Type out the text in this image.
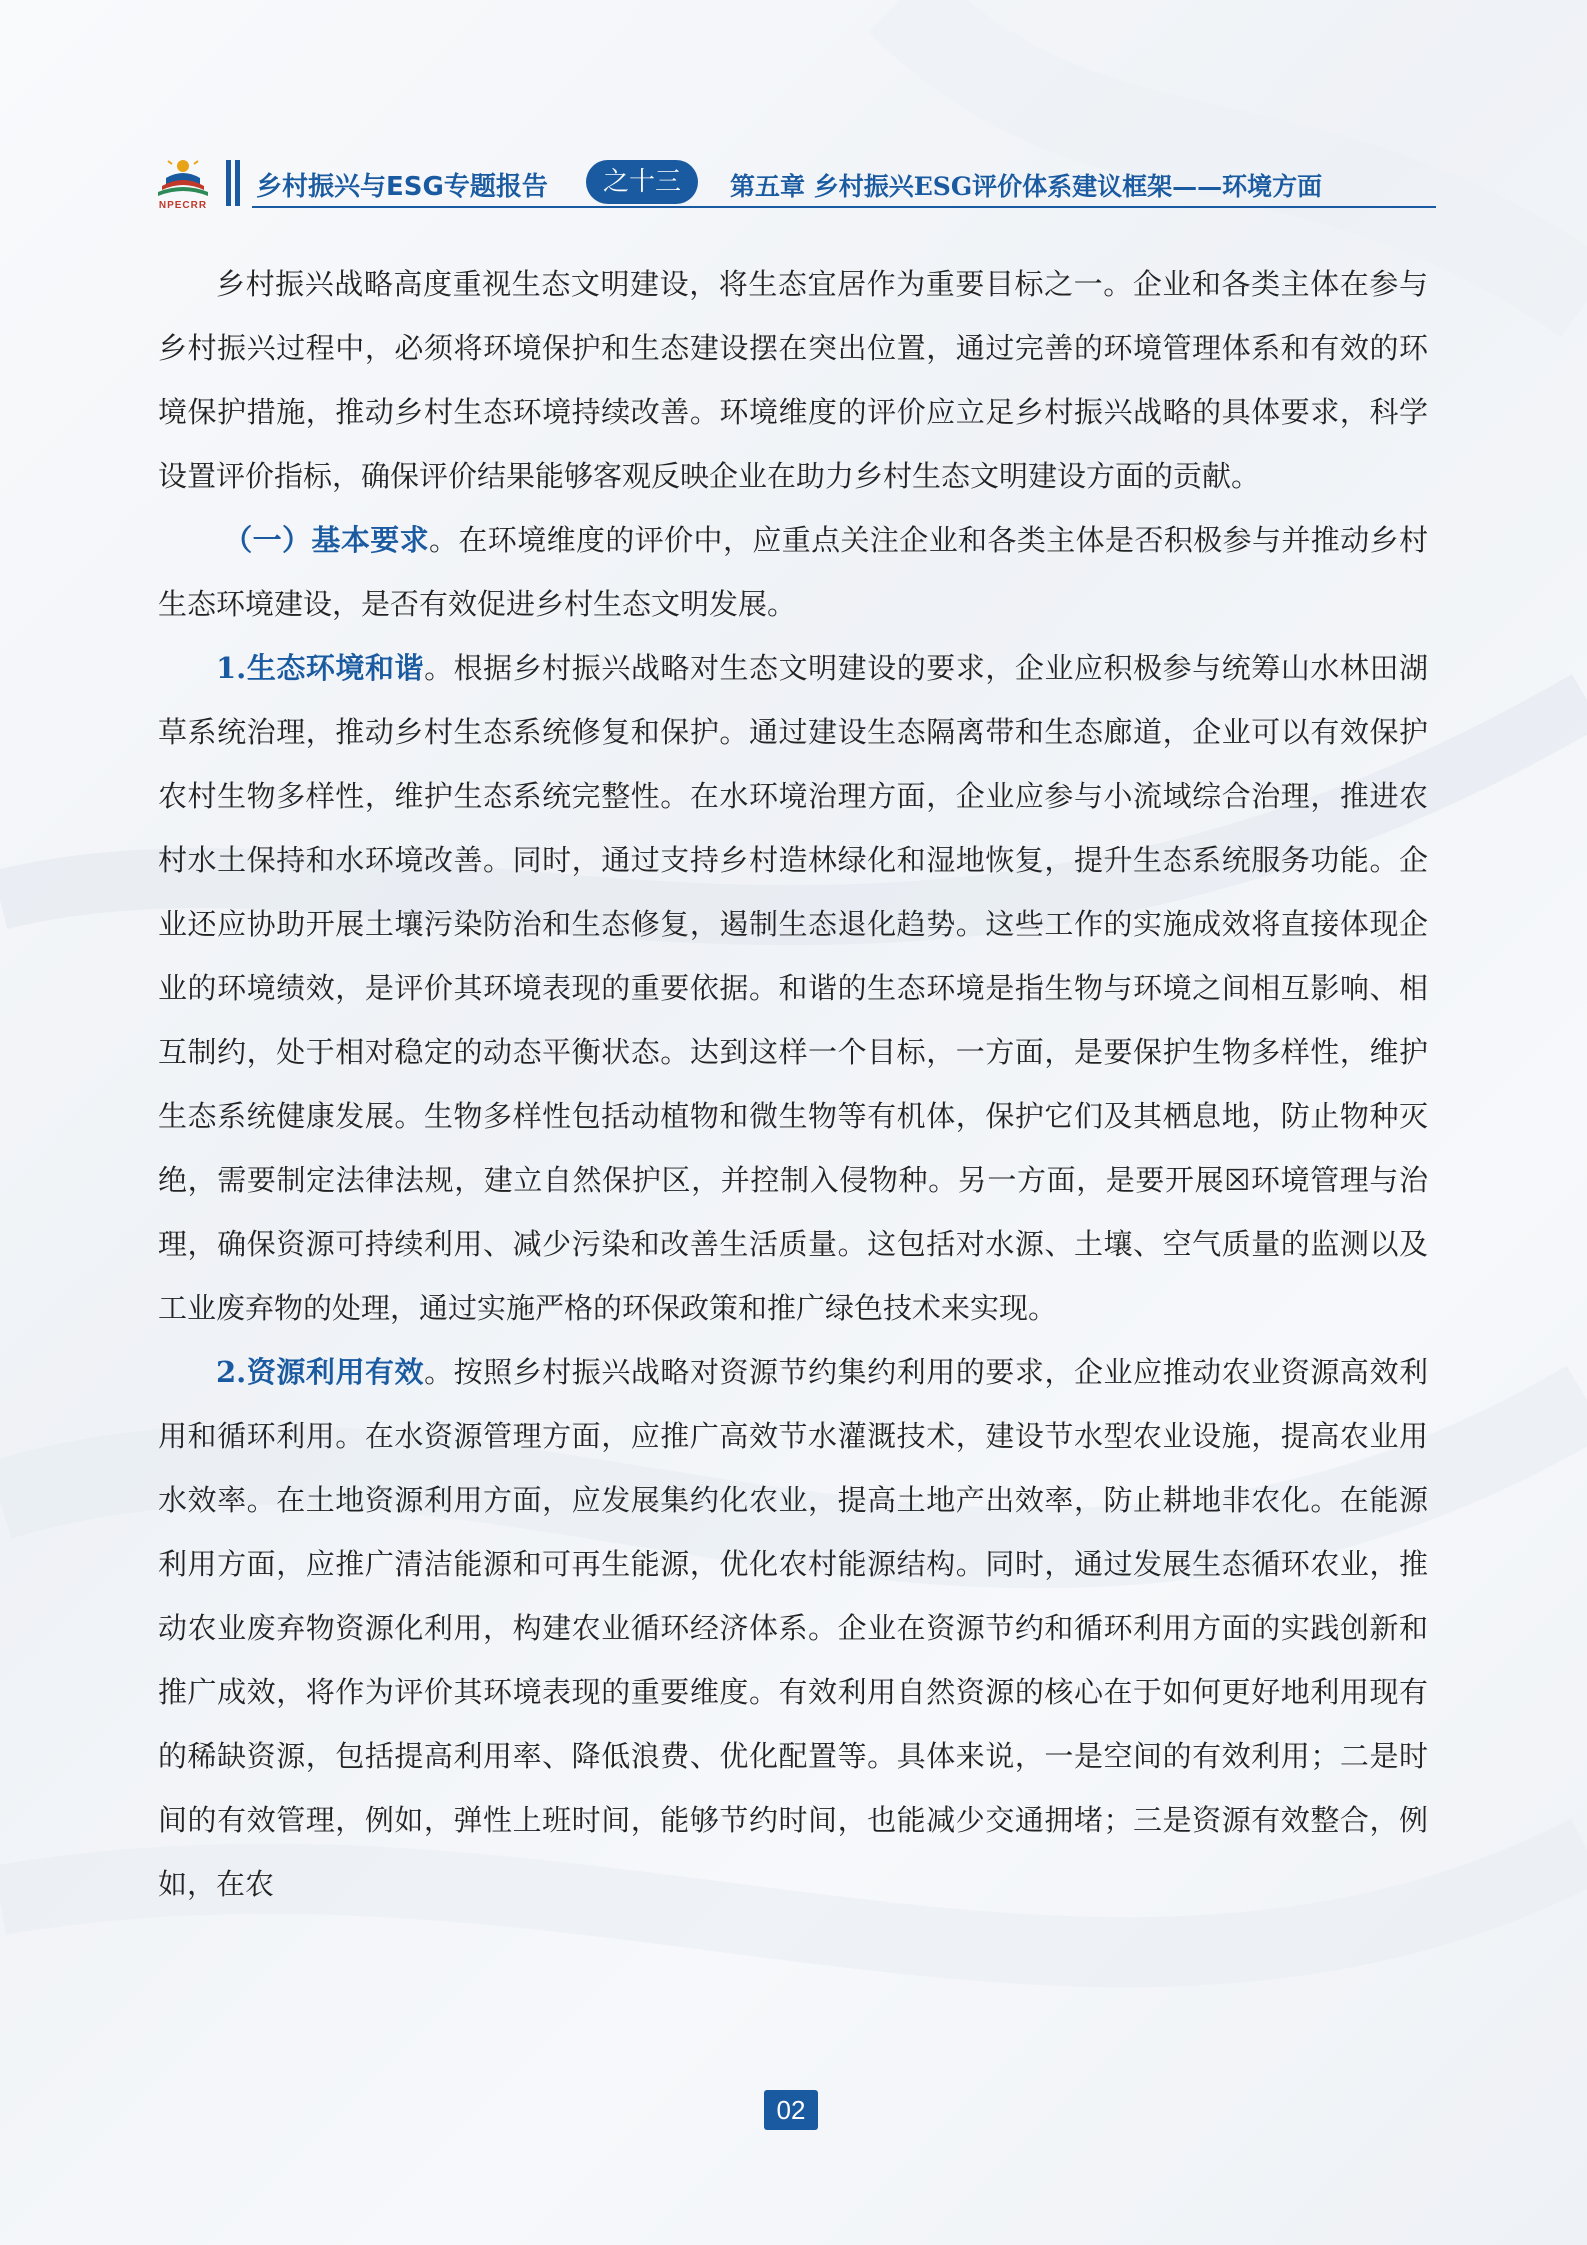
NPECRR
乡村振兴与ESG专题报告	之十三	第五章 乡村振兴ESG评价体系建议框架——环境方面

乡村振兴战略高度重视生态文明建设，将生态宜居作为重要目标之一。企业和各类主体在参与乡村振兴过程中，必须将环境保护和生态建设摆在突出位置，通过完善的环境管理体系和有效的环境保护措施，推动乡村生态环境持续改善。环境维度的评价应立足乡村振兴战略的具体要求，科学设置评价指标，确保评价结果能够客观反映企业在助力乡村生态文明建设方面的贡献。

（一）基本要求。在环境维度的评价中，应重点关注企业和各类主体是否积极参与并推动乡村生态环境建设，是否有效促进乡村生态文明发展。

1.生态环境和谐。根据乡村振兴战略对生态文明建设的要求，企业应积极参与统筹山水林田湖草系统治理，推动乡村生态系统修复和保护。通过建设生态隔离带和生态廊道，企业可以有效保护农村生物多样性，维护生态系统完整性。在水环境治理方面，企业应参与小流域综合治理，推进农村水土保持和水环境改善。同时，通过支持乡村造林绿化和湿地恢复，提升生态系统服务功能。企业还应协助开展土壤污染防治和生态修复，遏制生态退化趋势。这些工作的实施成效将直接体现企业的环境绩效，是评价其环境表现的重要依据。和谐的生态环境是指生物与环境之间相互影响、相互制约，处于相对稳定的动态平衡状态。达到这样一个目标，一方面，是要保护生物多样性，维护生态系统健康发展。生物多样性包括动植物和微生物等有机体，保护它们及其栖息地，防止物种灭绝，需要制定法律法规，建立自然保护区，并控制入侵物种。另一方面，是要开展☒环境管理与治理，确保资源可持续利用、减少污染和改善生活质量。这包括对水源、土壤、空气质量的监测以及工业废弃物的处理，通过实施严格的环保政策和推广绿色技术来实现。

2.资源利用有效。按照乡村振兴战略对资源节约集约利用的要求，企业应推动农业资源高效利用和循环利用。在水资源管理方面，应推广高效节水灌溉技术，建设节水型农业设施，提高农业用水效率。在土地资源利用方面，应发展集约化农业，提高土地产出效率，防止耕地非农化。在能源利用方面，应推广清洁能源和可再生能源，优化农村能源结构。同时，通过发展生态循环农业，推动农业废弃物资源化利用，构建农业循环经济体系。企业在资源节约和循环利用方面的实践创新和推广成效，将作为评价其环境表现的重要维度。有效利用自然资源的核心在于如何更好地利用现有的稀缺资源，包括提高利用率、降低浪费、优化配置等。具体来说，一是空间的有效利用；二是时间的有效管理，例如，弹性上班时间，能够节约时间，也能减少交通拥堵；三是资源有效整合，例如，在农

02
